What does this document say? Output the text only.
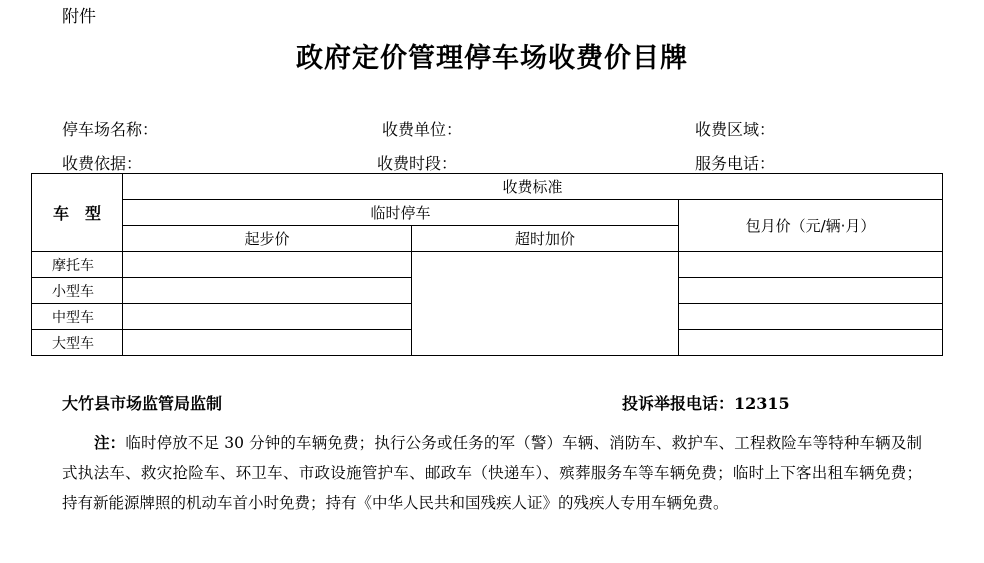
附件
政府定价管理停车场收费价目牌
停车场名称：	收费单位：	收费区域：
收费依据：	收费时段：	服务电话：
车　型	收费标准		
	临时停车		包月价（元/辆·月）
	起步价	超时加价	
摩托车			
小型车			
中型车			
大型车			
大竹县市场监管局监制	投诉举报电话：12315
注：临时停放不足 30 分钟的车辆免费；执行公务或任务的军（警）车辆、消防车、救护车、工程救险车等特种车辆及制式执法车、救灾抢险车、环卫车、市政设施管护车、邮政车（快递车）、殡葬服务车等车辆免费；临时上下客出租车辆免费；持有新能源牌照的机动车首小时免费；持有《中华人民共和国残疾人证》的残疾人专用车辆免费。
